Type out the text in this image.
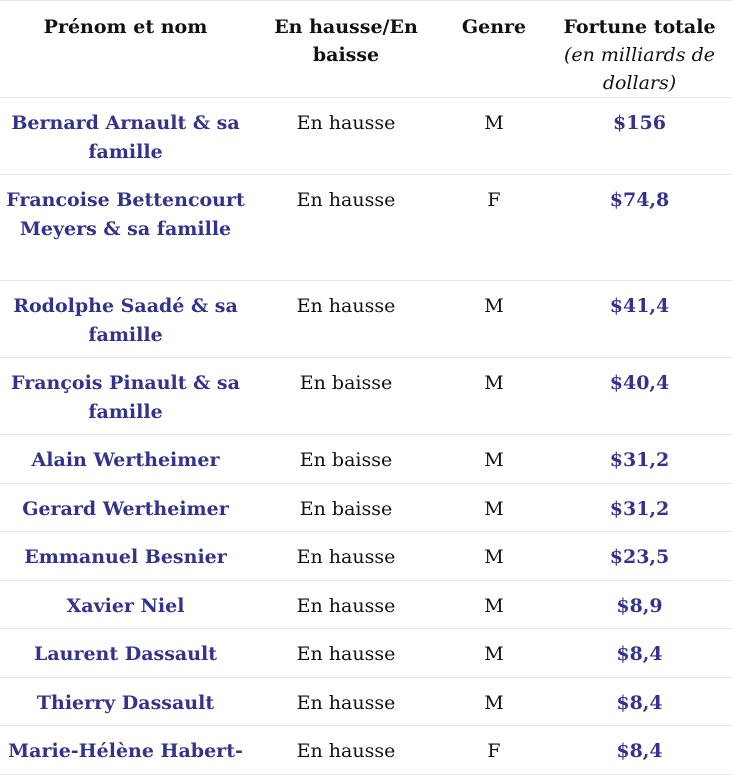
Prénom et nom	En hausse/En baisse	Genre	Fortune totale
(en milliards de dollars)

Bernard Arnault & sa famille	En hausse	M	$156
Francoise Bettencourt Meyers & sa famille	En hausse	F	$74,8
Rodolphe Saadé & sa famille	En hausse	M	$41,4
François Pinault & sa famille	En baisse	M	$40,4
Alain Wertheimer	En baisse	M	$31,2
Gerard Wertheimer	En baisse	M	$31,2
Emmanuel Besnier	En hausse	M	$23,5
Xavier Niel	En hausse	M	$8,9
Laurent Dassault	En hausse	M	$8,4
Thierry Dassault	En hausse	M	$8,4
Marie-Hélène Habert-	En hausse	F	$8,4
